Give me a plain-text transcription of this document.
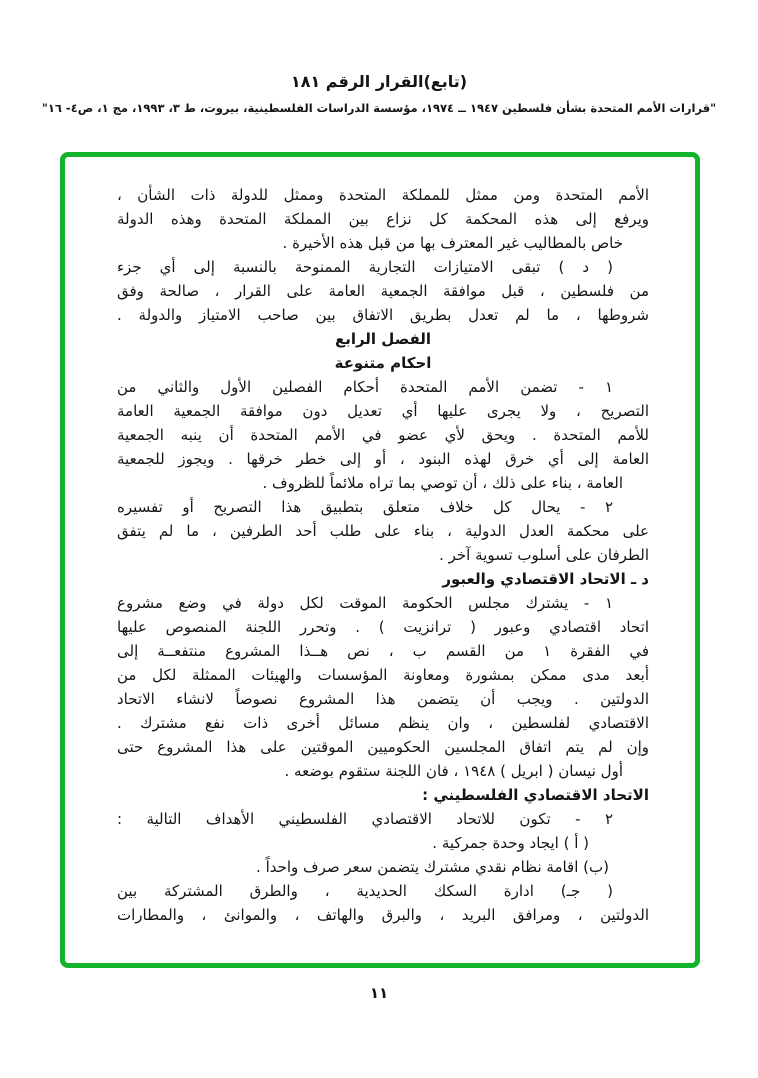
(تابع)القرار الرقم ١٨١
"قرارات الأمم المتحدة بشأن فلسطين ١٩٤٧ ــ ١٩٧٤، مؤسسة الدراسات الفلسطينية، بيروت، ط ٣، ١٩٩٣، مج ١، ص٤- ١٦"
الأمم المتحدة ومن ممثل للمملكة المتحدة وممثل للدولة ذات الشأن ،
ويرفع إلى هذه المحكمة كل نزاع بين المملكة المتحدة وهذه الدولة
خاص بالمطاليب غير المعترف بها من قبل هذه الأخيرة .
( د ) تبقى الامتيازات التجارية الممنوحة بالنسبة إلى أي جزء
من فلسطين ، قبل موافقة الجمعية العامة على القرار ، صالحة وفق
شروطها ، ما لم تعدل بطريق الاتفاق بين صاحب الامتياز والدولة .
الفصل الرابع
احكام متنوعة
١ - تضمن الأمم المتحدة أحكام الفصلين الأول والثاني من
التصريح ، ولا يجرى عليها أي تعديل دون موافقة الجمعية العامة
للأمم المتحدة . ويحق لأي عضو في الأمم المتحدة أن ينبه الجمعية
العامة إلى أي خرق لهذه البنود ، أو إلى خطر خرقها . ويجوز للجمعية
العامة ، بناء على ذلك ، أن توصي بما تراه ملائماً للظروف .
٢ - يحال كل خلاف متعلق بتطبيق هذا التصريح أو تفسيره
على محكمة العدل الدولية ، بناء على طلب أحد الطرفين ، ما لم يتفق
الطرفان على أسلوب تسوية آخر .
د ـ الاتحاد الاقتصادي والعبور
١ - يشترك مجلس الحكومة الموقت لكل دولة في وضع مشروع
اتحاد اقتصادي وعبور ( ترانزيت ) . وتحرر اللجنة المنصوص عليها
في الفقرة ١ من القسم ب ، نص هــذا المشروع منتفعــة إلى
أبعد مدى ممكن بمشورة ومعاونة المؤسسات والهيئات الممثلة لكل من
الدولتين . ويجب أن يتضمن هذا المشروع نصوصاً لانشاء الاتحاد
الاقتصادي لفلسطين ، وان ينظم مسائل أخرى ذات نفع مشترك .
وإن لم يتم اتفاق المجلسين الحكوميين الموقتين على هذا المشروع حتى
أول نيسان ( ابريل ) ١٩٤٨ ، فان اللجنة ستقوم بوضعه .
الاتحاد الاقتصادي الفلسطيني :
٢ - تكون للاتحاد الاقتصادي الفلسطيني الأهداف التالية :
( أ ) ايجاد وحدة جمركية .
(ب) اقامة نظام نقدي مشترك يتضمن سعر صرف واحداً .
( جـ) ادارة السكك الحديدية ، والطرق المشتركة بين
الدولتين ، ومرافق البريد ، والبرق والهاتف ، والموانئ ، والمطارات
١١
